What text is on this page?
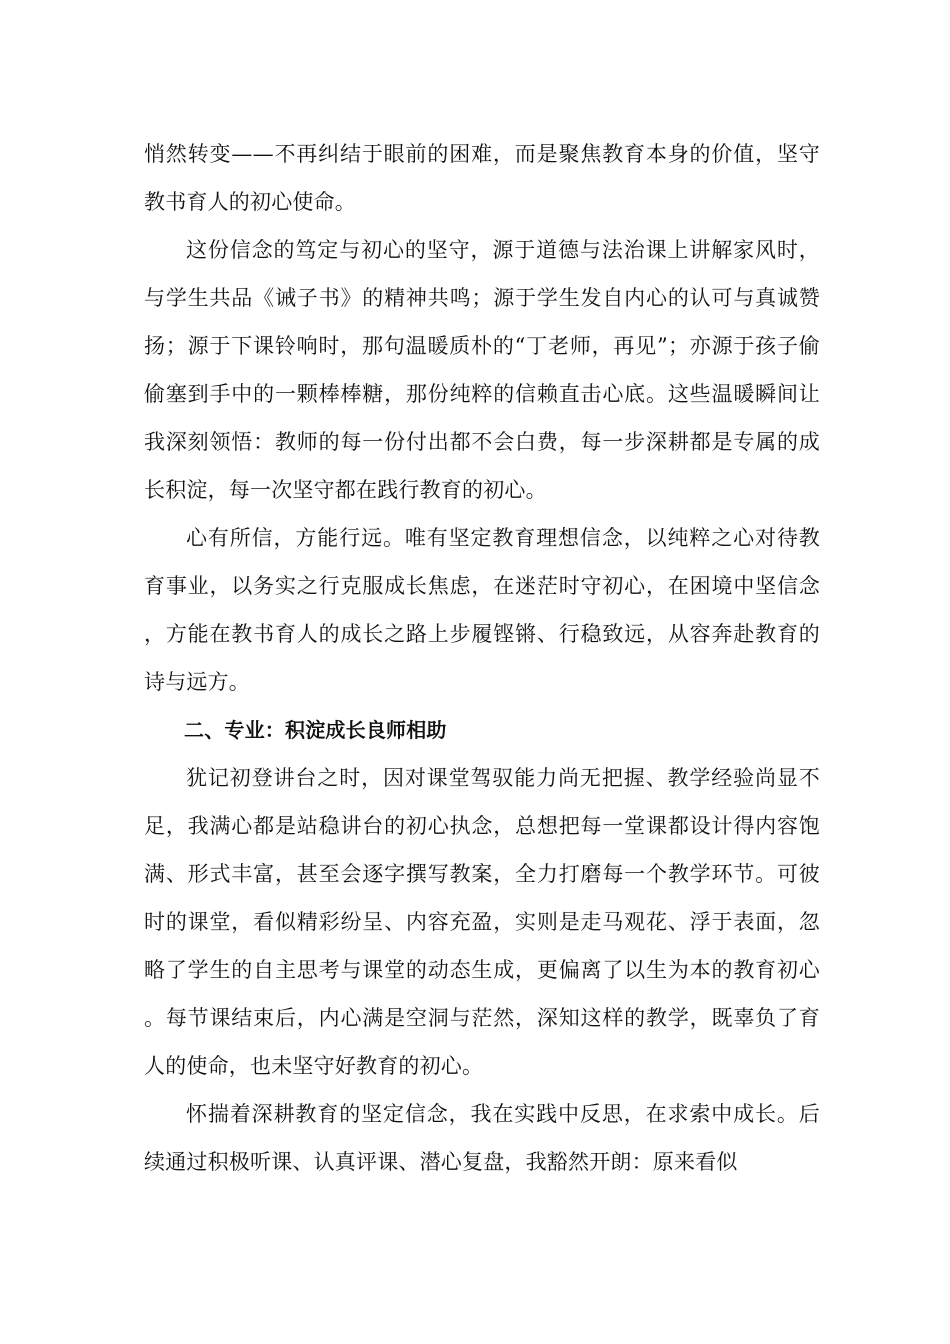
悄然转变——不再纠结于眼前的困难，而是聚焦教育本身的价值，坚守教书育人的初心使命。

这份信念的笃定与初心的坚守，源于道德与法治课上讲解家风时，与学生共品《诫子书》的精神共鸣；源于学生发自内心的认可与真诚赞扬；源于下课铃响时，那句温暖质朴的“丁老师，再见”；亦源于孩子偷偷塞到手中的一颗棒棒糖，那份纯粹的信赖直击心底。这些温暖瞬间让我深刻领悟：教师的每一份付出都不会白费，每一步深耕都是专属的成长积淀，每一次坚守都在践行教育的初心。

心有所信，方能行远。唯有坚定教育理想信念，以纯粹之心对待教育事业，以务实之行克服成长焦虑，在迷茫时守初心，在困境中坚信念，方能在教书育人的成长之路上步履铿锵、行稳致远，从容奔赴教育的诗与远方。

二、专业：积淀成长良师相助

犹记初登讲台之时，因对课堂驾驭能力尚无把握、教学经验尚显不足，我满心都是站稳讲台的初心执念，总想把每一堂课都设计得内容饱满、形式丰富，甚至会逐字撰写教案，全力打磨每一个教学环节。可彼时的课堂，看似精彩纷呈、内容充盈，实则是走马观花、浮于表面，忽略了学生的自主思考与课堂的动态生成，更偏离了以生为本的教育初心。每节课结束后，内心满是空洞与茫然，深知这样的教学，既辜负了育人的使命，也未坚守好教育的初心。

怀揣着深耕教育的坚定信念，我在实践中反思，在求索中成长。后续通过积极听课、认真评课、潜心复盘，我豁然开朗：原来看似
